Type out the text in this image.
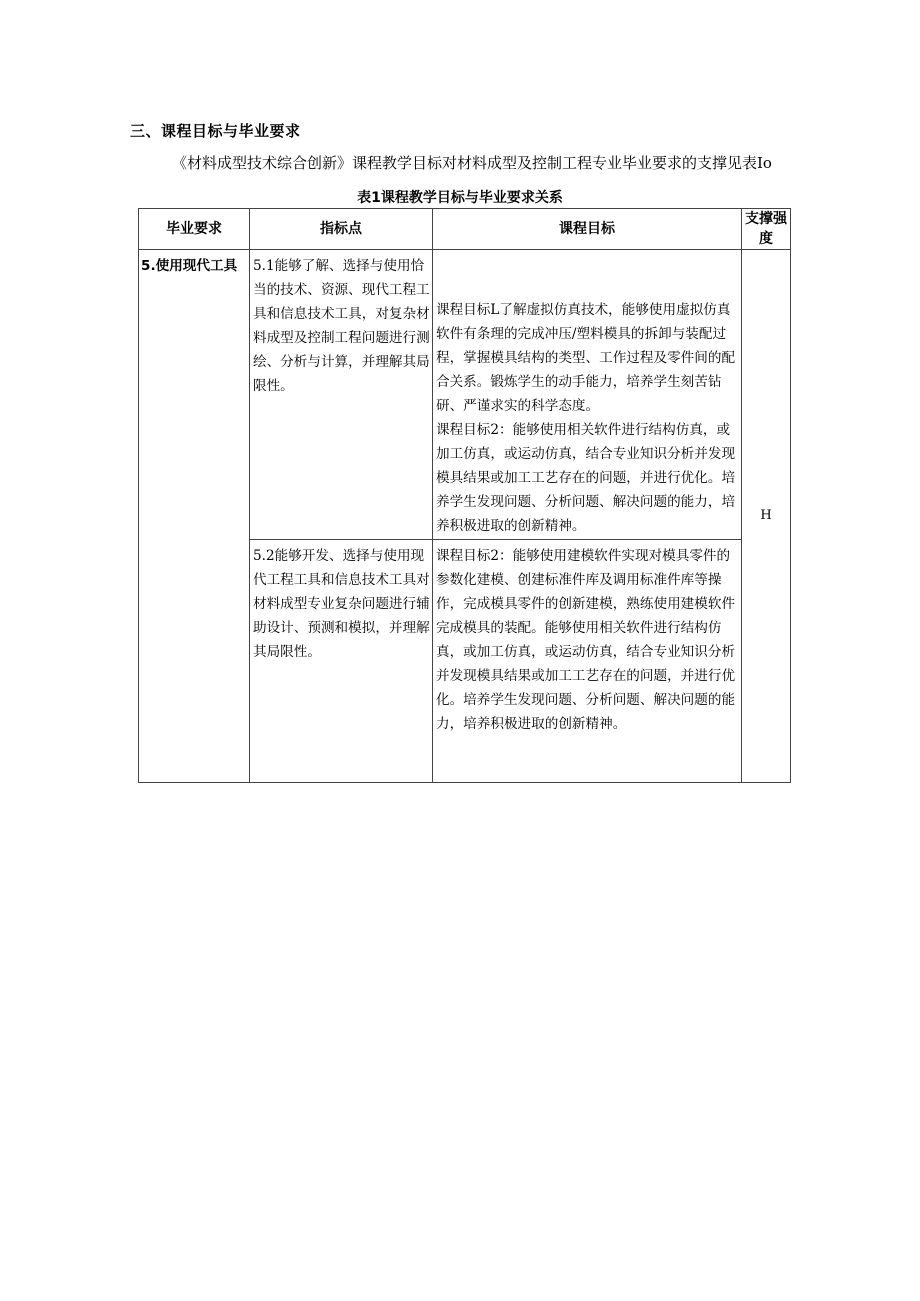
三、课程目标与毕业要求
《材料成型技术综合创新》课程教学目标对材料成型及控制工程专业毕业要求的支撑见表Io
表1课程教学目标与毕业要求关系
毕业要求	指标点	课程目标	支撑强度
5.使用现代工具	5.1能够了解、选择与使用恰当的技术、资源、现代工程工具和信息技术工具，对复杂材料成型及控制工程问题进行测绘、分析与计算，并理解其局限性。	课程目标L了解虚拟仿真技术，能够使用虚拟仿真软件有条理的完成冲压/塑料模具的拆卸与装配过程，掌握模具结构的类型、工作过程及零件间的配合关系。锻炼学生的动手能力，培养学生刻苦钻研、严谨求实的科学态度。
课程目标2：能够使用相关软件进行结构仿真，或加工仿真，或运动仿真，结合专业知识分析并发现模具结果或加工工艺存在的问题，并进行优化。培养学生发现问题、分析问题、解决问题的能力，培养积极进取的创新精神。	H
	5.2能够开发、选择与使用现代工程工具和信息技术工具对材料成型专业复杂问题进行辅助设计、预测和模拟，并理解其局限性。	课程目标2：能够使用建模软件实现对模具零件的参数化建模、创建标准件库及调用标准件库等操作，完成模具零件的创新建模，熟练使用建模软件完成模具的装配。能够使用相关软件进行结构仿真，或加工仿真，或运动仿真，结合专业知识分析并发现模具结果或加工工艺存在的问题，并进行优化。培养学生发现问题、分析问题、解决问题的能力，培养积极进取的创新精神。	
